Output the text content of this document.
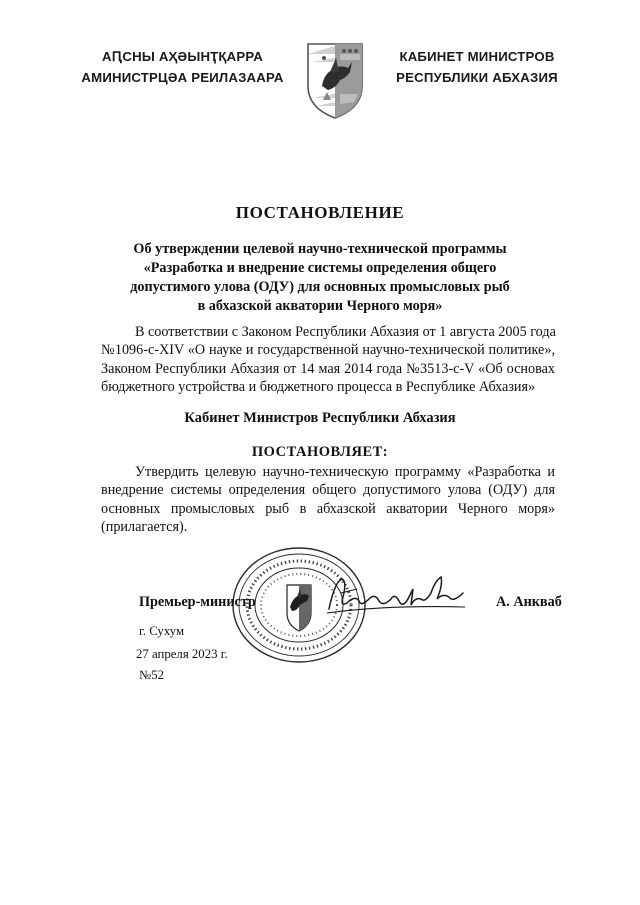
АԤСНЫ АҲӘЫНҬҚАРРА
АМИНИСТРЦӘА РЕИЛАЗААРА
КАБИНЕТ МИНИСТРОВ
РЕСПУБЛИКИ АБХАЗИЯ
ПОСТАНОВЛЕНИЕ
Об утверждении целевой научно-технической программы
«Разработка и внедрение системы определения общего
допустимого улова (ОДУ) для основных промысловых рыб
в абхазской акватории Черного моря»
В соответствии с Законом Республики Абхазия от 1 августа 2005 года
№1096-с-XIV «О науке и государственной научно-технической политике»,
Законом Республики Абхазия от 14 мая 2014 года №3513-с-V «Об основах
бюджетного устройства и бюджетного процесса в Республике Абхазия»
Кабинет Министров Республики Абхазия
ПОСТАНОВЛЯЕТ:
Утвердить целевую научно-техническую программу «Разработка и
внедрение системы определения общего допустимого улова (ОДУ) для
основных промысловых рыб в абхазской акватории Черного моря»
(прилагается).
Премьер-министр	А. Анкваб
г. Сухум
27 апреля 2023 г.
№52
